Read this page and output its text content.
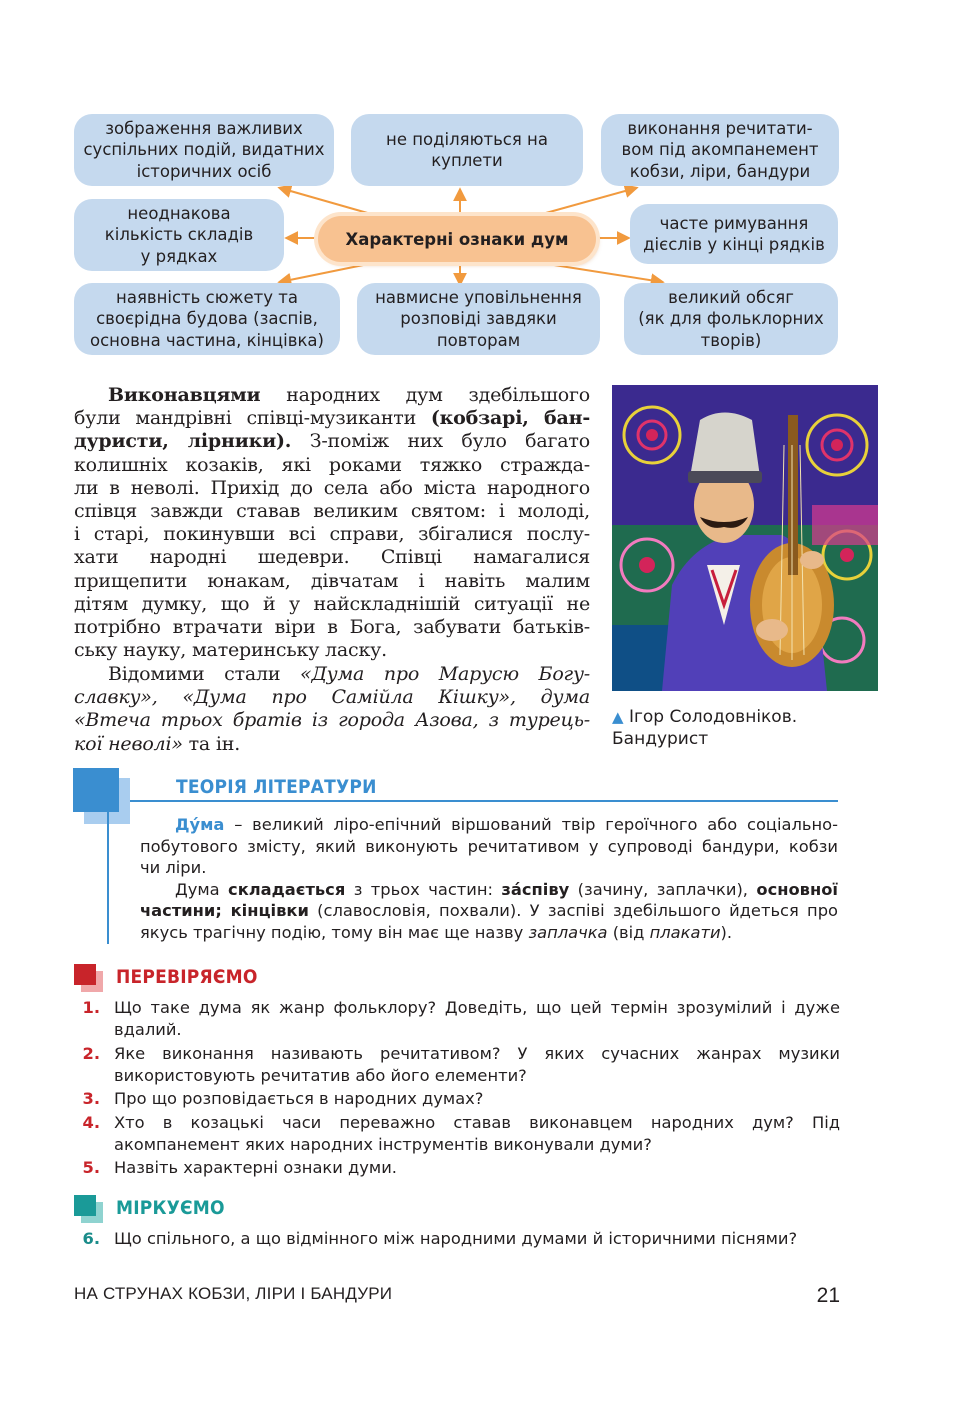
зображення важливих
суспільних подій, видатних
історичних осіб
не поділяються на
куплети
виконання речитати-
вом під акомпанемент
кобзи, ліри, бандури
неоднакова
кількість складів
у рядках
Характерні ознаки дум
часте римування
дієслів у кінці рядків
наявність сюжету та
своєрідна будова (заспів,
основна частина, кінцівка)
навмисне уповільнення
розповіді завдяки
повторам
великий обсяг
(як для фольклорних
творів)
Виконавцями народних дум здебільшого
були мандрівні співці-музиканти (кобзарі, бан-
дуристи, лірники). З-поміж них було багато
колишніх козаків, які роками тяжко страждa-
ли в неволі. Прихід до села або міста народного
співця завжди ставав великим святом: і молоді,
і старі, покинувши всі справи, збігалися послу-
хати народні шедеври. Співці намагалися
прищепити юнакам, дівчатам і навіть малим
дітям думку, що й у найскладнішій ситуації не
потрібно втрачати віри в Бога, забувати батьків-
ську науку, материнську ласку.
Відомими стали «Дума про Марусю Богу-
славку», «Дума про Самійла Кішку», дума
«Втеча трьох братів із города Азова, з турець-
кої неволі» та ін.
▲ Ігор Солодовніков.
Бандурист
ТЕОРІЯ ЛІТЕРАТУРИ
Ду́ма – великий ліро-епічний віршований твір героїчного або соціально-
побутового змісту, який виконують речитативом у супроводі бандури, кобзи
чи ліри.
Дума складається з трьох частин: за́співу (зачину, заплачки), основної
частини; кінцівки (славословія, похвали). У заспіві здебільшого йдеться про
якусь трагічну подію, тому він має ще назву заплачка (від плакати).
ПЕРЕВІРЯЄМО
1. Що таке дума як жанр фольклору? Доведіть, що цей термін зрозумілий і дуже
вдалий.
2. Яке виконання називають речитативом? У яких сучасних жанрах музики
використовують речитатив або його елементи?
3. Про що розповідається в народних думах?
4. Хто в козацькі часи переважно ставав виконавцем народних дум? Під
акомпанемент яких народних інструментів виконували думи?
5. Назвіть характерні ознаки думи.
МІРКУЄМО
6. Що спільного, а що відмінного між народними думами й історичними піснями?
НА СТРУНАХ КОБЗИ, ЛІРИ І БАНДУРИ	21
